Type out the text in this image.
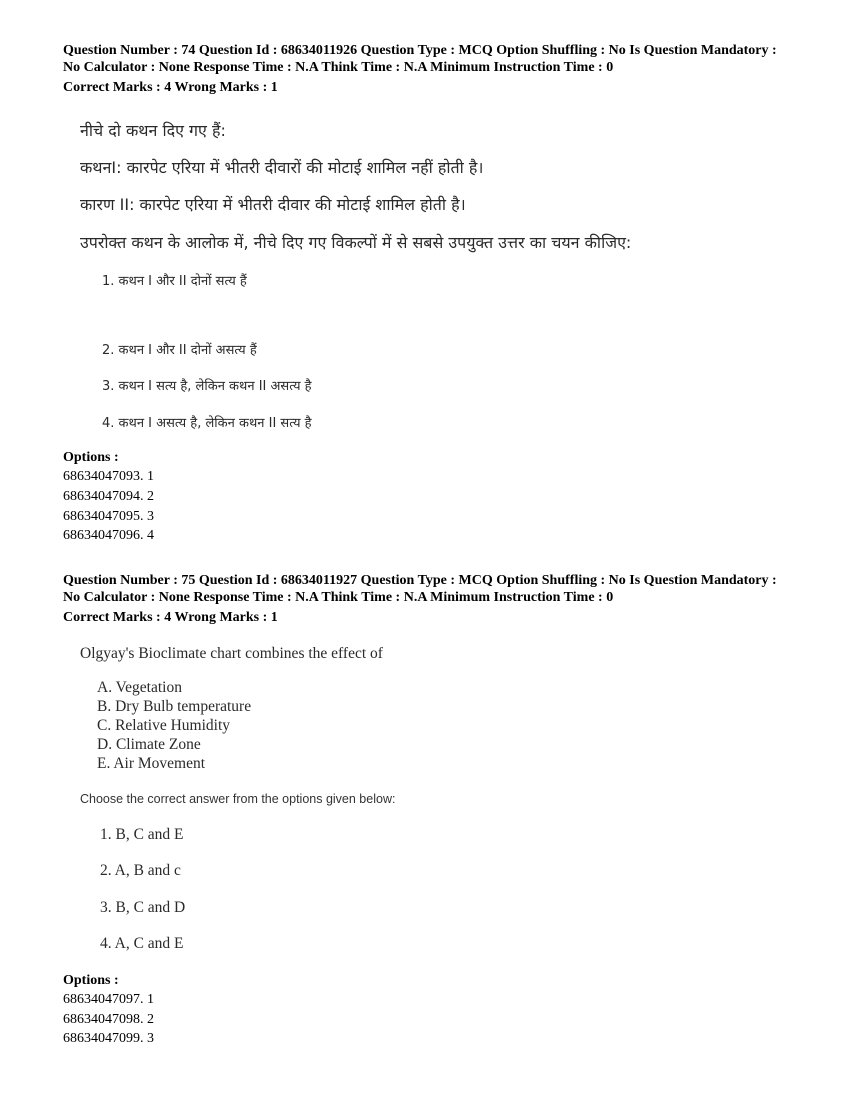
Question Number : 74 Question Id : 68634011926 Question Type : MCQ Option Shuffling : No Is Question Mandatory :
No Calculator : None Response Time : N.A Think Time : N.A Minimum Instruction Time : 0
Correct Marks : 4 Wrong Marks : 1
नीचे दो कथन दिए गए हैं:
कथनI: कारपेट एरिया में भीतरी दीवारों की मोटाई शामिल नहीं होती है।
कारण II: कारपेट एरिया में भीतरी दीवार की मोटाई शामिल होती है।
उपरोक्त कथन के आलोक में, नीचे दिए गए विकल्पों में से सबसे उपयुक्त उत्तर का चयन कीजिए:
1. कथन I और II दोनों सत्य हैं
2. कथन I और II दोनों असत्य हैं
3. कथन I सत्य है, लेकिन कथन II असत्य है
4. कथन I असत्य है, लेकिन कथन II सत्य है
Options :
68634047093. 1
68634047094. 2
68634047095. 3
68634047096. 4
Question Number : 75 Question Id : 68634011927 Question Type : MCQ Option Shuffling : No Is Question Mandatory :
No Calculator : None Response Time : N.A Think Time : N.A Minimum Instruction Time : 0
Correct Marks : 4 Wrong Marks : 1
Olgyay's Bioclimate chart combines the effect of
A. Vegetation
B. Dry Bulb temperature
C. Relative Humidity
D. Climate Zone
E. Air Movement
Choose the correct answer from the options given below:
1. B, C and E
2. A, B and c
3. B, C and D
4. A, C and E
Options :
68634047097. 1
68634047098. 2
68634047099. 3
